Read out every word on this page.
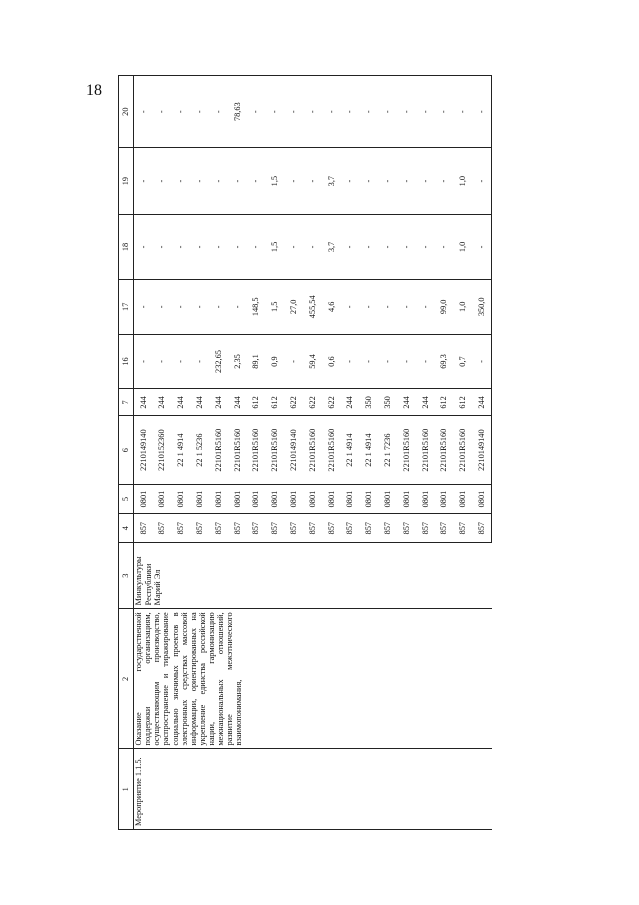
18
1	2	3	4	5	6	7	16	17	18	19	20
Мероприятие 1.1.5.	Оказание государственной поддержки организациям, осуществляющим производство, распространение и тиражирование социально значимых проектов в электронных средствах массовой информации, ориентированных на укрепление единства российской нации, гармонизацию межнациональных отношений, развитие межэтнического взаимопонимания,	Минкультуры Республики Марий Эл	857	0801	2210149140	244	-	-	-	-	-
			857	0801	2210152360	244	-	-	-	-	-
			857	0801	22 1 4914	244	-	-	-	-	-
			857	0801	22 1 5236	244	-	-	-	-	-
			857	0801	22101R5160	244	232,65	-	-	-	-
			857	0801	22101R5160	244	2,35	-	-	-	78,63
			857	0801	22101R5160	612	89,1	148,5	-	-	-
			857	0801	22101R5160	612	0,9	1,5	1,5	1,5	-
			857	0801	2210149140	622	-	27,0	-	-	-
			857	0801	22101R5160	622	59,4	455,54	-	-	-
			857	0801	22101R5160	622	0,6	4,6	3,7	3,7	-
			857	0801	22 1 4914	244	-	-	-	-	-
			857	0801	22 1 4914	350	-	-	-	-	-
			857	0801	22 1 7236	350	-	-	-	-	-
			857	0801	22101R5160	244	-	-	-	-	-
			857	0801	22101R5160	244	-	-	-	-	-
			857	0801	22101R5160	612	69,3	99,0	-	-	-
			857	0801	22101R5160	612	0,7	1,0	1,0	1,0	-
			857	0801	2210149140	244	-	350,0	-	-	-
